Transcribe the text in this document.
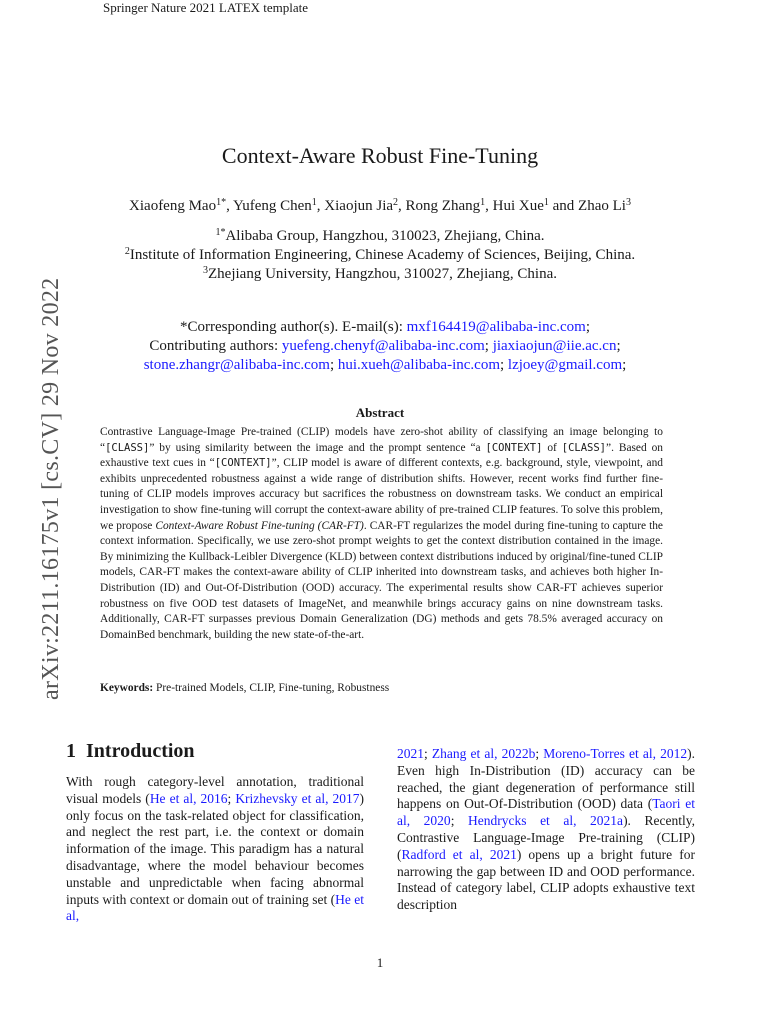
Springer Nature 2021 LATEX template
arXiv:2211.16175v1 [cs.CV] 29 Nov 2022
Context-Aware Robust Fine-Tuning
Xiaofeng Mao$^{1*}$, Yufeng Chen$^1$, Xiaojun Jia$^2$, Rong Zhang$^1$, Hui Xue$^1$ and Zhao Li$^3$
$^{1*}$Alibaba Group, Hangzhou, 310023, Zhejiang, China.
$^2$Institute of Information Engineering, Chinese Academy of Sciences, Beijing, China.
$^3$Zhejiang University, Hangzhou, 310027, Zhejiang, China.
*Corresponding author(s). E-mail(s): mxf164419@alibaba-inc.com;
Contributing authors: yuefeng.chenyf@alibaba-inc.com; jiaxiaojun@iie.ac.cn;
stone.zhangr@alibaba-inc.com; hui.xueh@alibaba-inc.com; lzjoey@gmail.com;
Abstract
Contrastive Language-Image Pre-trained (CLIP) models have zero-shot ability of classifying an image belonging to “[CLASS]” by using similarity between the image and the prompt sentence “a [CONTEXT] of [CLASS]”. Based on exhaustive text cues in “[CONTEXT]”, CLIP model is aware of different contexts, e.g. background, style, viewpoint, and exhibits unprecedented robustness against a wide range of distribution shifts. However, recent works find further fine-tuning of CLIP models improves accuracy but sacrifices the robustness on downstream tasks. We conduct an empirical investigation to show fine-tuning will corrupt the context-aware ability of pre-trained CLIP features. To solve this problem, we propose Context-Aware Robust Fine-tuning (CAR-FT). CAR-FT regularizes the model during fine-tuning to capture the context information. Specifically, we use zero-shot prompt weights to get the context distribution contained in the image. By minimizing the Kullback-Leibler Divergence (KLD) between context distributions induced by original/fine-tuned CLIP models, CAR-FT makes the context-aware ability of CLIP inherited into downstream tasks, and achieves both higher In-Distribution (ID) and Out-Of-Distribution (OOD) accuracy. The experimental results show CAR-FT achieves superior robustness on five OOD test datasets of ImageNet, and meanwhile brings accuracy gains on nine downstream tasks. Additionally, CAR-FT surpasses previous Domain Generalization (DG) methods and gets 78.5% averaged accuracy on DomainBed benchmark, building the new state-of-the-art.
Keywords: Pre-trained Models, CLIP, Fine-tuning, Robustness
1 Introduction
With rough category-level annotation, traditional visual models (He et al, 2016; Krizhevsky et al, 2017) only focus on the task-related object for classification, and neglect the rest part, i.e. the context or domain information of the image. This paradigm has a natural disadvantage, where the model behaviour becomes unstable and unpredictable when facing abnormal inputs with context or domain out of training set (He et al,
2021; Zhang et al, 2022b; Moreno-Torres et al, 2012). Even high In-Distribution (ID) accuracy can be reached, the giant degeneration of performance still happens on Out-Of-Distribution (OOD) data (Taori et al, 2020; Hendrycks et al, 2021a). Recently, Contrastive Language-Image Pre-training (CLIP) (Radford et al, 2021) opens up a bright future for narrowing the gap between ID and OOD performance. Instead of category label, CLIP adopts exhaustive text description
1
